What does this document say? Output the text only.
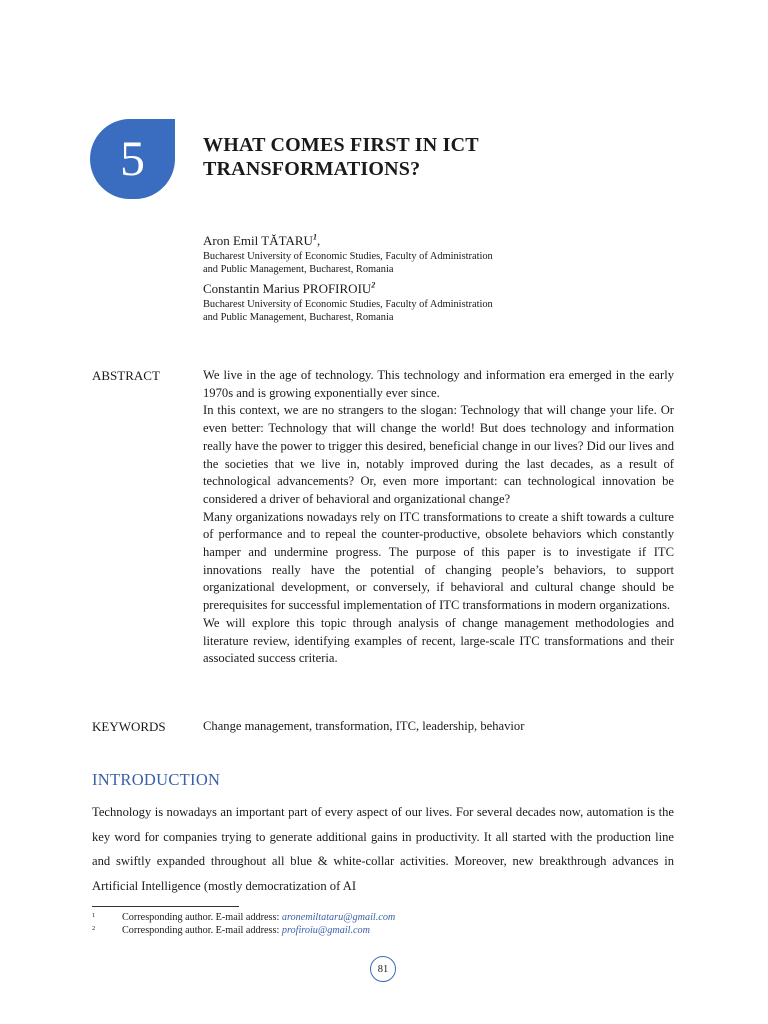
5	WHAT COMES FIRST IN ICT
TRANSFORMATIONS?
Aron Emil TĂTARU$^1$,
Bucharest University of Economic Studies, Faculty of Administration
and Public Management, Bucharest, Romania
Constantin Marius PROFIROIU$^2$
Bucharest University of Economic Studies, Faculty of Administration
and Public Management, Bucharest, Romania
ABSTRACT	We live in the age of technology. This technology and information era emerged in the early 1970s and is growing exponentially ever since.

In this context, we are no strangers to the slogan: Technology that will change your life. Or even better: Technology that will change the world! But does technology and information really have the power to trigger this desired, beneficial change in our lives? Did our lives and the societies that we live in, notably improved during the last decades, as a result of technological advancements? Or, even more important: can technological innovation be considered a driver of behavioral and organizational change?

Many organizations nowadays rely on ITC transformations to create a shift towards a culture of performance and to repeal the counter-productive, obsolete behaviors which constantly hamper and undermine progress. The purpose of this paper is to investigate if ITC innovations really have the potential of changing people’s behaviors, to support organizational development, or conversely, if behavioral and cultural change should be prerequisites for successful implementation of ITC transformations in modern organizations.

We will explore this topic through analysis of change management methodologies and literature review, identifying examples of recent, large-scale ITC transformations and their associated success criteria.

KEYWORDS	Change management, transformation, ITC, leadership, behavior
INTRODUCTION

Technology is nowadays an important part of every aspect of our lives. For several decades now, automation is the key word for companies trying to generate additional gains in productivity. It all started with the production line and swiftly expanded throughout all blue & white-collar activities. Moreover, new breakthrough advances in Artificial Intelligence (mostly democratization of AI

1	Corresponding author. E-mail address: aronemiltataru@gmail.com
2	Corresponding author. E-mail address: profiroiu@gmail.com
81
